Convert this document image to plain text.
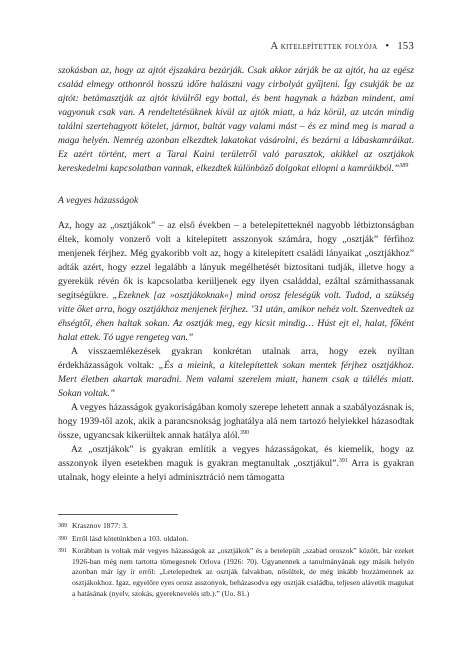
A kitelepítettek folyója • 153

szokásban az, hogy az ajtót éjszakára bezárják. Csak akkor zárják be az ajtót, ha az egész család elmegy otthonról hosszú időre halászni vagy cirbolyát gyűjteni. Így csukják be az ajtót: betámasztják az ajtót kívülről egy bottal, és bent hagynak a házban mindent, ami vagyonuk csak van. A rendeltetésüknek kívül az ajtók miatt, a ház körül, az utcán mindig találni szertehagyott kötelet, jármot, baltát vagy valami mást – és ez mind meg is marad a maga helyén. Nemrég azonban elkezdtek lakatokat vásárolni, és bezárni a lábaskamráikat. Ez azért történt, mert a Tarai Kaini területről való parasztok, akikkel az osztjákok kereskedelmi kapcsolatban vannak, elkezdtek különböző dolgokat ellopni a kamráikból.”$^{389}$

A vegyes házasságok

Az, hogy az „osztjákok” – az első években – a betelepítetteknél nagyobb létbiztonságban éltek, komoly vonzerő volt a kitelepített asszonyok számára, hogy „osztják” férfihoz menjenek férjhez. Még gyakoribb volt az, hogy a kitelepített családi lányaikat „osztjákhoz” adták azért, hogy ezzel legalább a lányuk megélhetését biztosítani tudják, illetve hogy a gyerekük révén ők is kapcsolatba kerüljenek egy ilyen családdal, ezáltal számíthassanak segítségükre. „Ezeknek [az »osztjákoknak«] mind orosz feleségük volt. Tudod, a szükség vitte őket arra, hogy osztjákhoz menjenek férjhez. ’31 után, amikor nehéz volt. Szenvedtek az éhségtől, éhen haltak sokan. Az osztják meg, egy kicsit mindig… Húst ejt el, halat, főként halat ettek. Tó ugye rengeteg van.”

A visszaemlékezések gyakran konkrétan utalnak arra, hogy ezek nyíltan érdekházasságok voltak: „És a mieink, a kitelepítettek sokan mentek férjhez osztjákhoz. Mert életben akartak maradni. Nem valami szerelem miatt, hanem csak a túlélés miatt. Sokan voltak.”

A vegyes házasságok gyakoriságában komoly szerepe lehetett annak a szabályozásnak is, hogy 1939-től azok, akik a parancsnokság joghatálya alá nem tartozó helyiekkel házasodtak össze, ugyancsak kikerültek annak hatálya alól.$^{390}$

Az „osztjákok” is gyakran említik a vegyes házasságokat, és kiemelik, hogy az asszonyok ilyen esetekben maguk is gyakran megtanultak „osztjákul”.$^{391}$ Arra is gyakran utalnak, hogy eleinte a helyi adminisztráció nem támogatta

389 Krasznov 1877: 3.

390 Erről lásd kötetünkben a 103. oldalon.

391 Korábban is voltak már vegyes házasságok az „osztjákok” és a betelepült „szabad oroszok” között, bár ezeket 1926-ban még nem tartotta tömegesnek Orlova (1926: 70). Ugyanennek a tanulmányának egy másik helyén azonban már így ír erről: „Letelepedtek az osztják falvakban, nősültek, de még inkább hozzámennek az osztjákokhoz. Igaz, egyelőre eyes orosz asszonyok, beházasodva egy osztják családba, teljesen alávetik magukat a hatásának (nyelv, szokás, gyereknevelés stb.).” (Uo. 81.)
